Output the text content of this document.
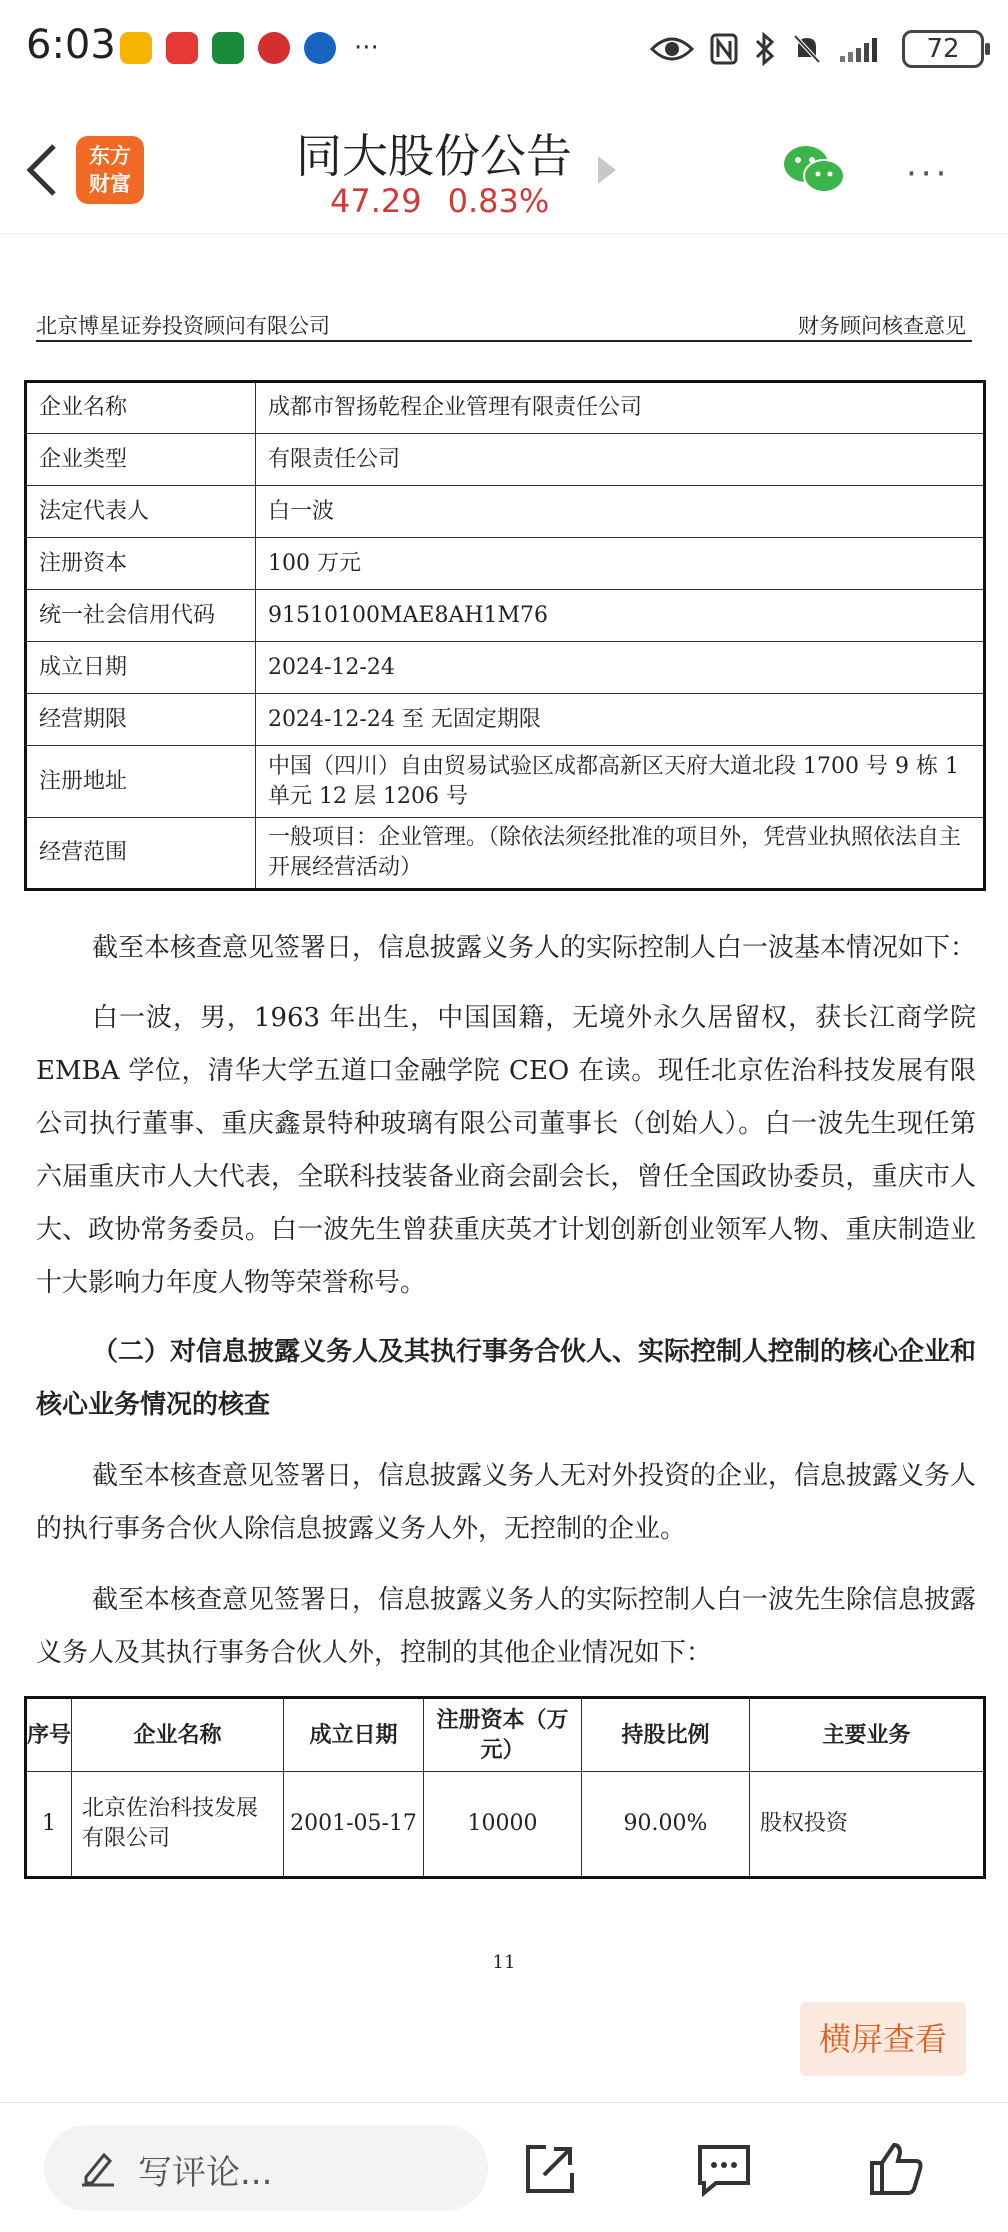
6:03	···	72
东方
财富
同大股份公告
47.29 0.83%
···
北京博星证券投资顾问有限公司	财务顾问核查意见
企业名称	成都市智扬乾程企业管理有限责任公司
企业类型	有限责任公司
法定代表人	白一波
注册资本	100 万元
统一社会信用代码	91510100MAE8AH1M76
成立日期	2024-12-24
经营期限	2024-12-24 至 无固定期限
注册地址	中国（四川）自由贸易试验区成都高新区天府大道北段 1700 号 9 栋 1 单元 12 层 1206 号
经营范围	一般项目：企业管理。（除依法须经批准的项目外，凭营业执照依法自主开展经营活动）
截至本核查意见签署日，信息披露义务人的实际控制人白一波基本情况如下：
白一波，男，1963 年出生，中国国籍，无境外永久居留权，获长江商学院 EMBA 学位，清华大学五道口金融学院 CEO 在读。现任北京佐治科技发展有限公司执行董事、重庆鑫景特种玻璃有限公司董事长（创始人）。白一波先生现任第六届重庆市人大代表，全联科技装备业商会副会长，曾任全国政协委员，重庆市人大、政协常务委员。白一波先生曾获重庆英才计划创新创业领军人物、重庆制造业十大影响力年度人物等荣誉称号。
（二）对信息披露义务人及其执行事务合伙人、实际控制人控制的核心企业和核心业务情况的核查
截至本核查意见签署日，信息披露义务人无对外投资的企业，信息披露义务人的执行事务合伙人除信息披露义务人外，无控制的企业。
截至本核查意见签署日，信息披露义务人的实际控制人白一波先生除信息披露义务人及其执行事务合伙人外，控制的其他企业情况如下：
序号	企业名称	成立日期	注册资本（万元）	持股比例	主要业务
1	北京佐治科技发展有限公司	2001-05-17	10000	90.00%	股权投资
11
横屏查看
写评论...
